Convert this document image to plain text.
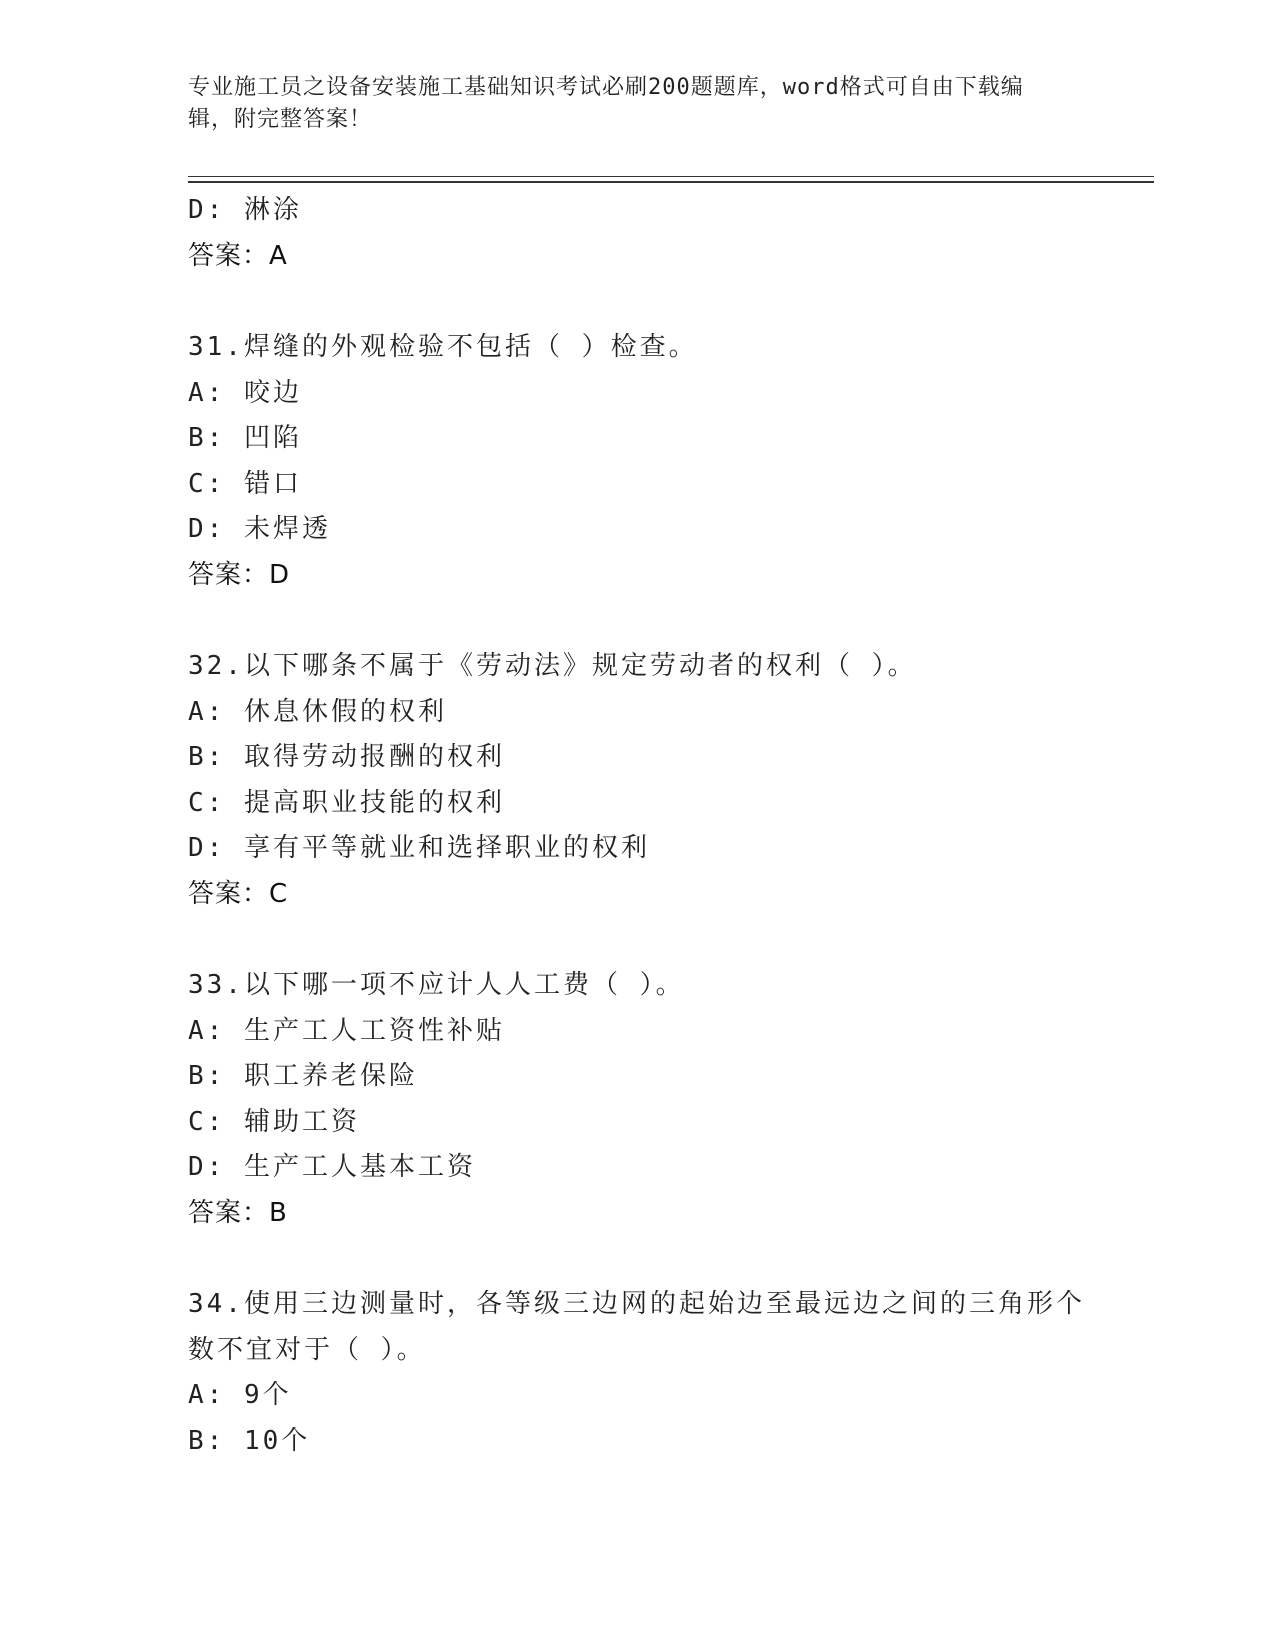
专业施工员之设备安装施工基础知识考试必刷200题题库，word格式可自由下载编辑，附完整答案！
D: 淋涂
答案：A
31.焊缝的外观检验不包括（ ）检查。
A: 咬边
B: 凹陷
C: 错口
D: 未焊透
答案：D
32.以下哪条不属于《劳动法》规定劳动者的权利（ ）。
A: 休息休假的权利
B: 取得劳动报酬的权利
C: 提高职业技能的权利
D: 享有平等就业和选择职业的权利
答案：C
33.以下哪一项不应计人人工费（ ）。
A: 生产工人工资性补贴
B: 职工养老保险
C: 辅助工资
D: 生产工人基本工资
答案：B
34.使用三边测量时，各等级三边网的起始边至最远边之间的三角形个
数不宜对于（ ）。
A: 9个
B: 10个
